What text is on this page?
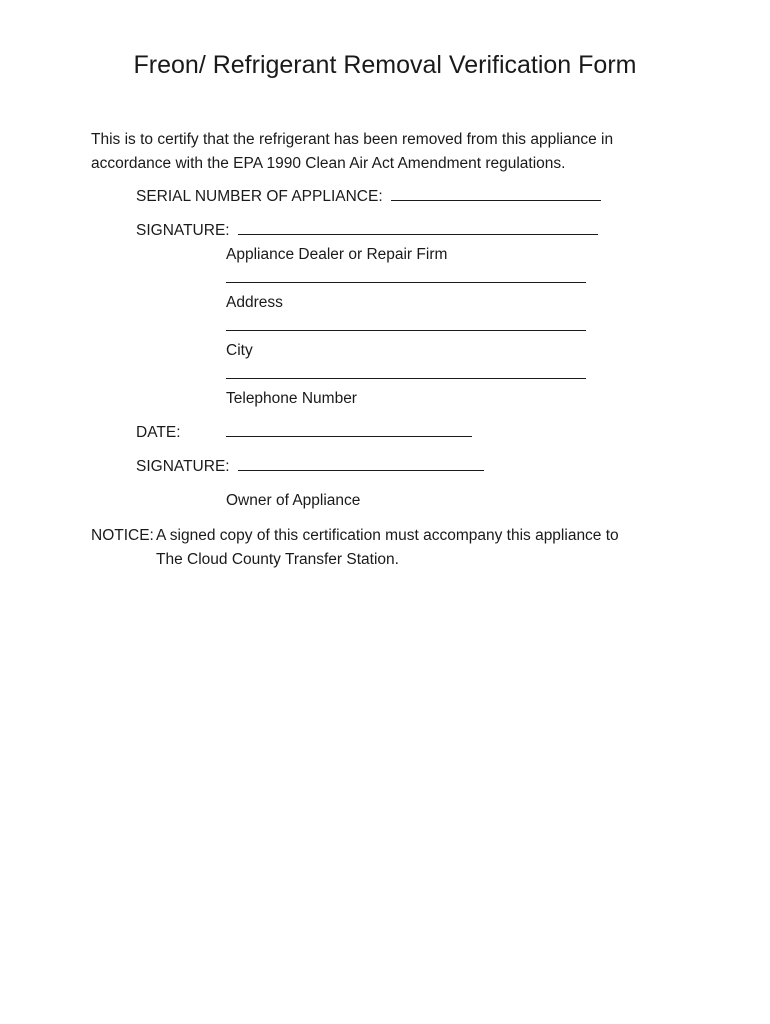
Freon/ Refrigerant Removal Verification Form
This is to certify that the refrigerant has been removed from this appliance in
accordance with the EPA 1990 Clean Air Act Amendment regulations.
SERIAL NUMBER OF APPLIANCE:
SIGNATURE:
Appliance Dealer or Repair Firm
Address
City
Telephone Number
DATE:
SIGNATURE:
Owner of Appliance
NOTICE: A signed copy of this certification must accompany this appliance to
The Cloud County Transfer Station.
